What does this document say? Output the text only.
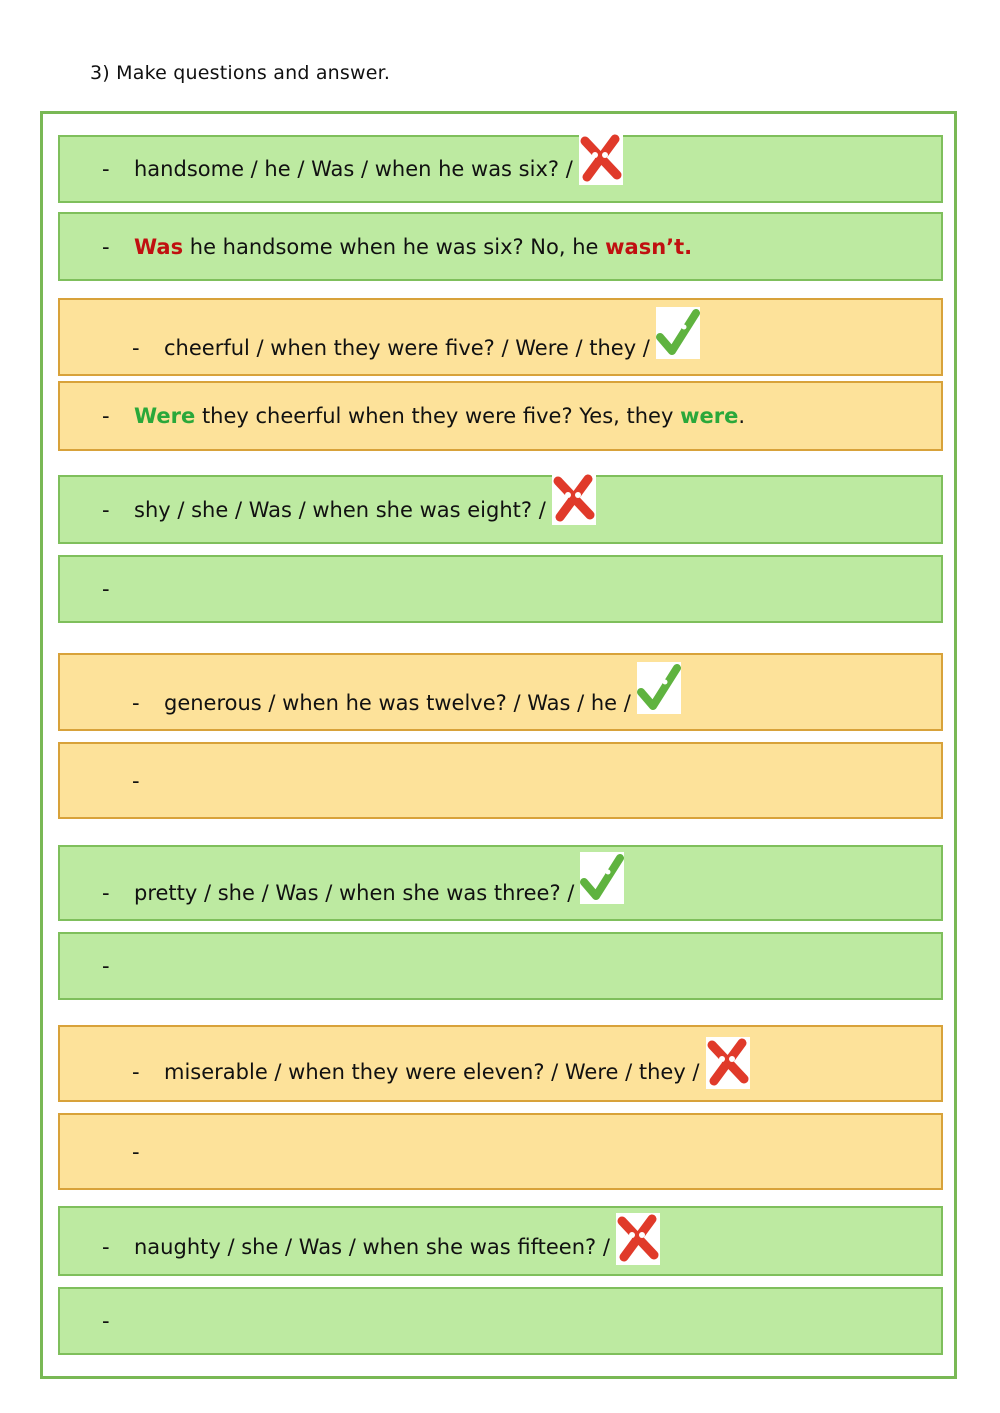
3) Make questions and answer.
-	handsome / he / Was / when he was six? /
-	Was he handsome when he was six? No, he wasn’t.
-	cheerful / when they were five? / Were / they /
-	Were they cheerful when they were five? Yes, they were.
-	shy / she / Was / when she was eight? /
-
-	generous / when he was twelve? / Was / he /
-
-	pretty / she / Was / when she was three? /
-
-	miserable / when they were eleven? / Were / they /
-
-	naughty / she / Was / when she was fifteen? /
-
